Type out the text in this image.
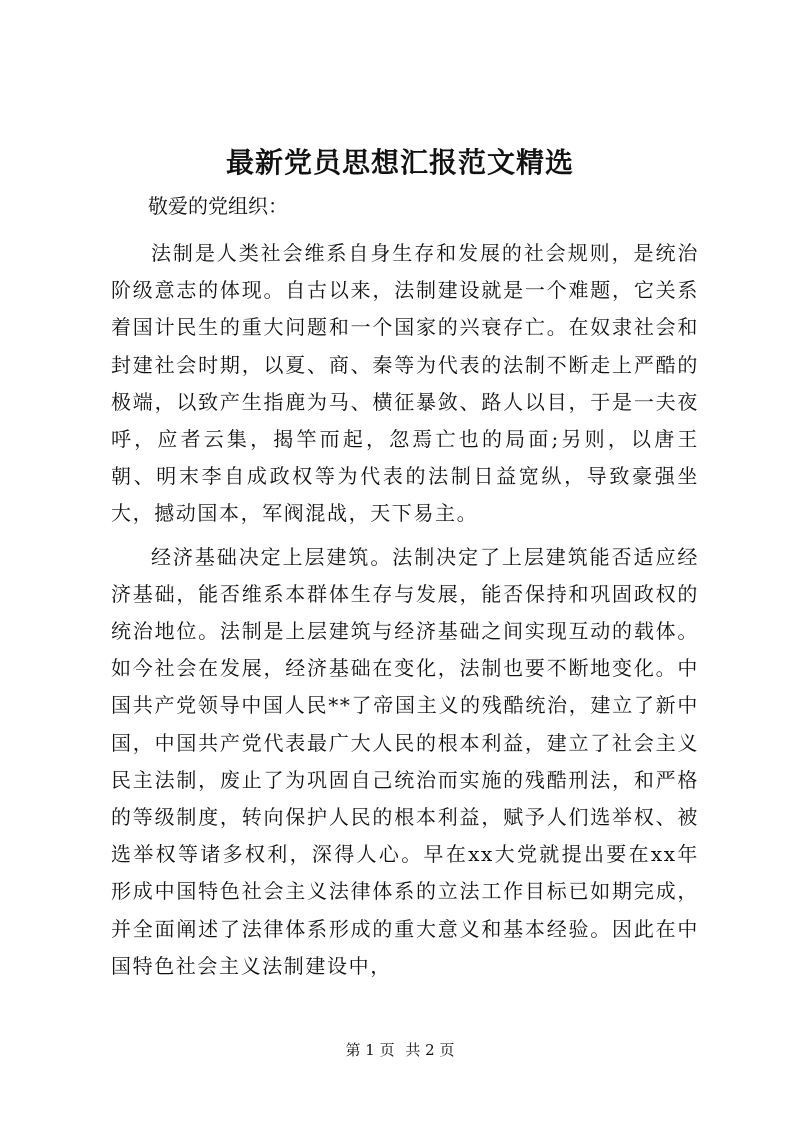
最新党员思想汇报范文精选

敬爱的党组织：

法制是人类社会维系自身生存和发展的社会规则，是统治阶级意志的体现。自古以来，法制建设就是一个难题，它关系着国计民生的重大问题和一个国家的兴衰存亡。在奴隶社会和封建社会时期，以夏、商、秦等为代表的法制不断走上严酷的极端，以致产生指鹿为马、横征暴敛、路人以目，于是一夫夜呼，应者云集，揭竿而起，忽焉亡也的局面;另则，以唐王朝、明末李自成政权等为代表的法制日益宽纵，导致豪强坐大，撼动国本，军阀混战，天下易主。

经济基础决定上层建筑。法制决定了上层建筑能否适应经济基础，能否维系本群体生存与发展，能否保持和巩固政权的统治地位。法制是上层建筑与经济基础之间实现互动的载体。如今社会在发展，经济基础在变化，法制也要不断地变化。中国共产党领导中国人民**了帝国主义的残酷统治，建立了新中国，中国共产党代表最广大人民的根本利益，建立了社会主义民主法制，废止了为巩固自己统治而实施的残酷刑法，和严格的等级制度，转向保护人民的根本利益，赋予人们选举权、被选举权等诸多权利，深得人心。早在xx大党就提出要在xx年形成中国特色社会主义法律体系的立法工作目标已如期完成，并全面阐述了法律体系形成的重大意义和基本经验。因此在中国特色社会主义法制建设中，

第 1 页 共 2 页
